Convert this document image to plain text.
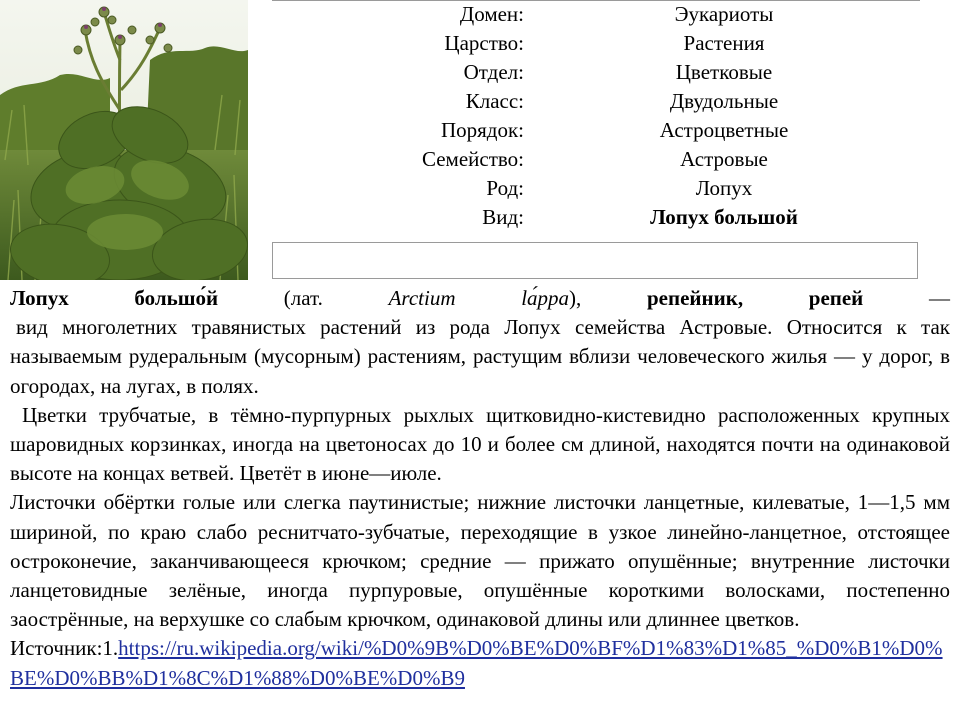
Домен:	Эукариоты
Царство:	Растения
Отдел:	Цветковые
Класс:	Двудольные
Порядок:	Астроцветные
Семейство:	Астровые
Род:	Лопух
Вид:	Лопух большой

Лопух большо́й	(лат.	Arctium lа́ppa),	репейник,	репей	—

вид многолетних травянистых растений из рода Лопух семейства Астровые. Относится к так называемым рудеральным (мусорным) растениям, растущим вблизи человеческого жилья — у дорог, в огородах, на лугах, в полях.

Цветки трубчатые, в тёмно-пурпурных рыхлых щитковидно-кистевидно расположенных крупных шаровидных корзинках, иногда на цветоносах до 10 и более см длиной, находятся почти на одинаковой высоте на концах ветвей. Цветёт в июне—июле.

Листочки обёртки голые или слегка паутинистые; нижние листочки ланцетные, килеватые, 1—1,5 мм шириной, по краю слабо реснитчато-зубчатые, переходящие в узкое линейно-ланцетное, отстоящее остроконечие, заканчивающееся крючком; средние — прижато опушённые; внутренние листочки ланцетовидные зелёные, иногда пурпуровые, опушённые короткими волосками, постепенно заострённые, на верхушке со слабым крючком, одинаковой длины или длиннее цветков.

Источник:1.https://ru.wikipedia.org/wiki/%D0%9B%D0%BE%D0%BF%D1%83%D1%85_%D0%B1%D0%BE%D0%BB%D1%8C%D1%88%D0%BE%D0%B9
